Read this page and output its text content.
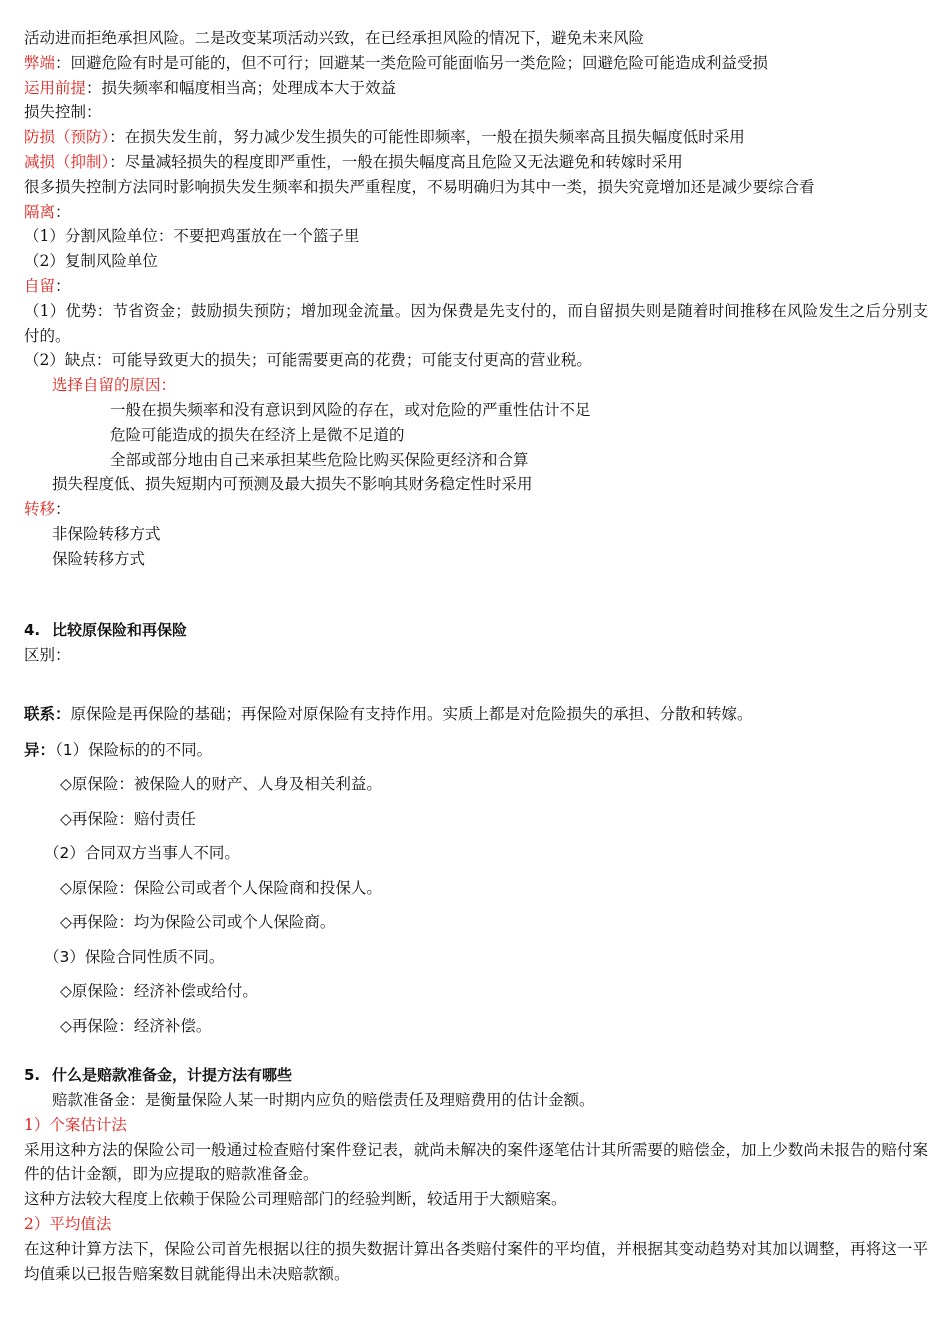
活动进而拒绝承担风险。二是改变某项活动兴致，在已经承担风险的情况下，避免未来风险
弊端：回避危险有时是可能的，但不可行；回避某一类危险可能面临另一类危险；回避危险可能造成利益受损
运用前提：损失频率和幅度相当高；处理成本大于效益
损失控制：
防损（预防）：在损失发生前，努力减少发生损失的可能性即频率，一般在损失频率高且损失幅度低时采用
减损（抑制）：尽量减轻损失的程度即严重性，一般在损失幅度高且危险又无法避免和转嫁时采用
很多损失控制方法同时影响损失发生频率和损失严重程度，不易明确归为其中一类，损失究竟增加还是减少要综合看
隔离：
（1）分割风险单位：不要把鸡蛋放在一个篮子里
（2）复制风险单位
自留：
（1）优势：节省资金；鼓励损失预防；增加现金流量。因为保费是先支付的，而自留损失则是随着时间推移在风险发生之后分别支付的。
（2）缺点：可能导致更大的损失；可能需要更高的花费；可能支付更高的营业税。
选择自留的原因：
一般在损失频率和没有意识到风险的存在，或对危险的严重性估计不足
危险可能造成的损失在经济上是微不足道的
全部或部分地由自己来承担某些危险比购买保险更经济和合算
损失程度低、损失短期内可预测及最大损失不影响其财务稳定性时采用
转移：
非保险转移方式
保险转移方式
4. 比较原保险和再保险
区别：
联系：原保险是再保险的基础；再保险对原保险有支持作用。实质上都是对危险损失的承担、分散和转嫁。
异：（1）保险标的的不同。
◇原保险：被保险人的财产、人身及相关利益。
◇再保险：赔付责任
（2）合同双方当事人不同。
◇原保险：保险公司或者个人保险商和投保人。
◇再保险：均为保险公司或个人保险商。
（3）保险合同性质不同。
◇原保险：经济补偿或给付。
◇再保险：经济补偿。
5. 什么是赔款准备金，计提方法有哪些
赔款准备金：是衡量保险人某一时期内应负的赔偿责任及理赔费用的估计金额。
1）个案估计法
采用这种方法的保险公司一般通过检查赔付案件登记表，就尚未解决的案件逐笔估计其所需要的赔偿金，加上少数尚未报告的赔付案件的估计金额，即为应提取的赔款准备金。
这种方法较大程度上依赖于保险公司理赔部门的经验判断，较适用于大额赔案。
2）平均值法
在这种计算方法下，保险公司首先根据以往的损失数据计算出各类赔付案件的平均值，并根据其变动趋势对其加以调整，再将这一平均值乘以已报告赔案数目就能得出未决赔款额。
